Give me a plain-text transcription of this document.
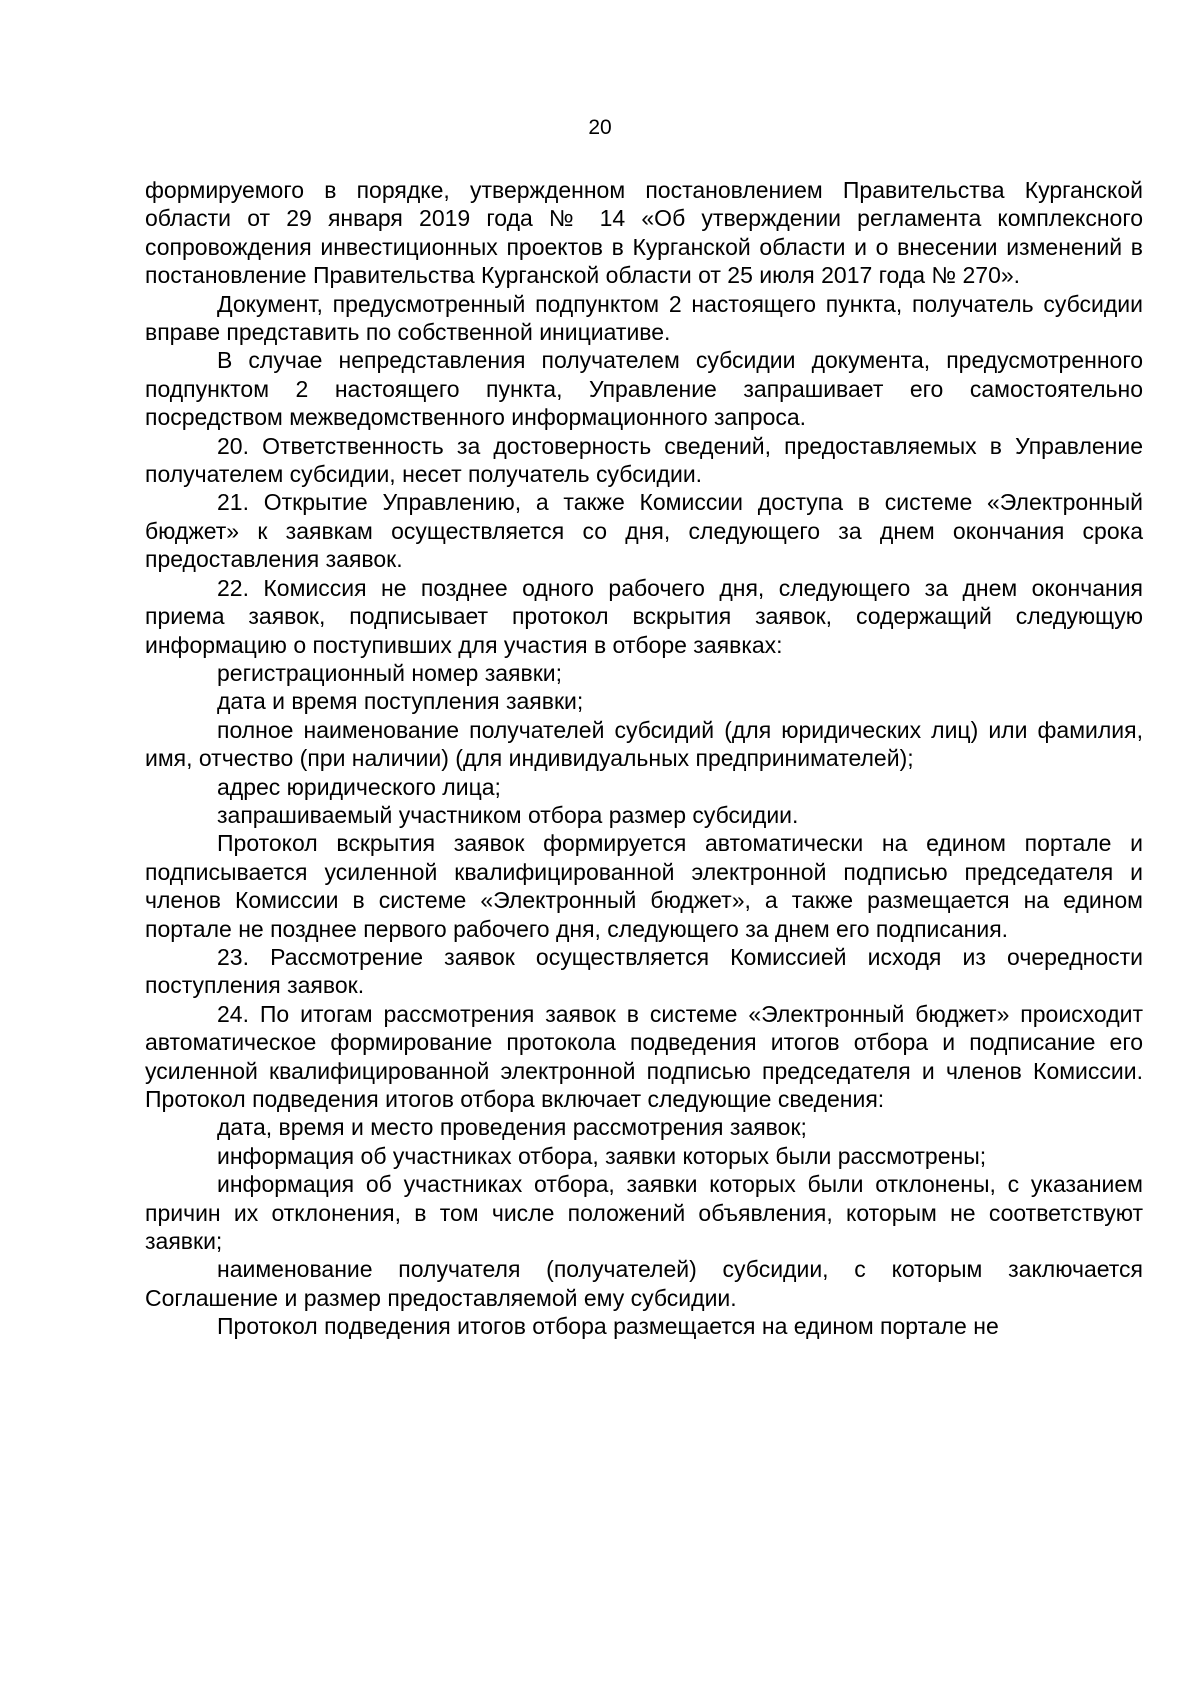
20

формируемого в порядке, утвержденном постановлением Правительства Курганской области от 29 января 2019 года № 14 «Об утверждении регламента комплексного сопровождения инвестиционных проектов в Курганской области и о внесении изменений в постановление Правительства Курганской области от 25 июля 2017 года № 270».

Документ, предусмотренный подпунктом 2 настоящего пункта, получатель субсидии вправе представить по собственной инициативе.

В случае непредставления получателем субсидии документа, предусмотренного подпунктом 2 настоящего пункта, Управление запрашивает его самостоятельно посредством межведомственного информационного запроса.

20. Ответственность за достоверность сведений, предоставляемых в Управление получателем субсидии, несет получатель субсидии.

21. Открытие Управлению, а также Комиссии доступа в системе «Электронный бюджет» к заявкам осуществляется со дня, следующего за днем окончания срока предоставления заявок.

22. Комиссия не позднее одного рабочего дня, следующего за днем окончания приема заявок, подписывает протокол вскрытия заявок, содержащий следующую информацию о поступивших для участия в отборе заявках:

регистрационный номер заявки;

дата и время поступления заявки;

полное наименование получателей субсидий (для юридических лиц) или фамилия, имя, отчество (при наличии) (для индивидуальных предпринимателей);

адрес юридического лица;

запрашиваемый участником отбора размер субсидии.

Протокол вскрытия заявок формируется автоматически на едином портале и подписывается усиленной квалифицированной электронной подписью председателя и членов Комиссии в системе «Электронный бюджет», а также размещается на едином портале не позднее первого рабочего дня, следующего за днем его подписания.

23. Рассмотрение заявок осуществляется Комиссией исходя из очередности поступления заявок.

24. По итогам рассмотрения заявок в системе «Электронный бюджет» происходит автоматическое формирование протокола подведения итогов отбора и подписание его усиленной квалифицированной электронной подписью председателя и членов Комиссии. Протокол подведения итогов отбора включает следующие сведения:

дата, время и место проведения рассмотрения заявок;

информация об участниках отбора, заявки которых были рассмотрены;

информация об участниках отбора, заявки которых были отклонены, с указанием причин их отклонения, в том числе положений объявления, которым не соответствуют заявки;

наименование получателя (получателей) субсидии, с которым заключается Соглашение и размер предоставляемой ему субсидии.

Протокол подведения итогов отбора размещается на едином портале не
